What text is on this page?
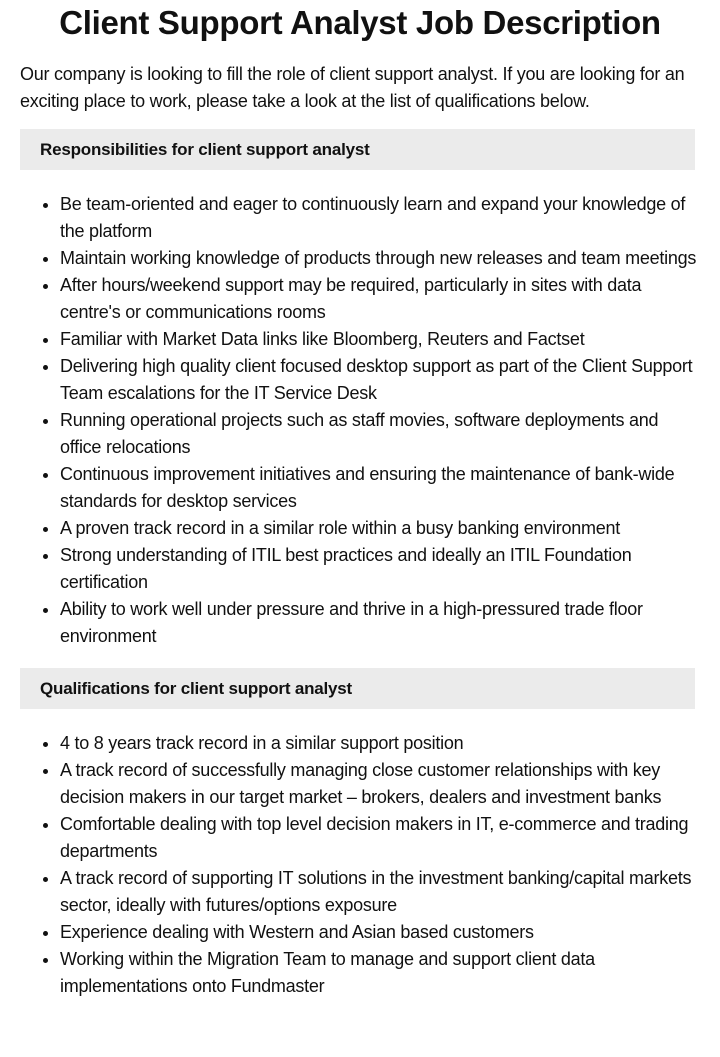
Client Support Analyst Job Description

Our company is looking to fill the role of client support analyst. If you are looking for an exciting place to work, please take a look at the list of qualifications below.

Responsibilities for client support analyst
• Be team-oriented and eager to continuously learn and expand your knowledge of the platform
• Maintain working knowledge of products through new releases and team meetings
• After hours/weekend support may be required, particularly in sites with data centre's or communications rooms
• Familiar with Market Data links like Bloomberg, Reuters and Factset
• Delivering high quality client focused desktop support as part of the Client Support Team escalations for the IT Service Desk
• Running operational projects such as staff movies, software deployments and office relocations
• Continuous improvement initiatives and ensuring the maintenance of bank-wide standards for desktop services
• A proven track record in a similar role within a busy banking environment
• Strong understanding of ITIL best practices and ideally an ITIL Foundation certification
• Ability to work well under pressure and thrive in a high-pressured trade floor environment
Qualifications for client support analyst
• 4 to 8 years track record in a similar support position
• A track record of successfully managing close customer relationships with key decision makers in our target market – brokers, dealers and investment banks
• Comfortable dealing with top level decision makers in IT, e-commerce and trading departments
• A track record of supporting IT solutions in the investment banking/capital markets sector, ideally with futures/options exposure
• Experience dealing with Western and Asian based customers
• Working within the Migration Team to manage and support client data implementations onto Fundmaster
